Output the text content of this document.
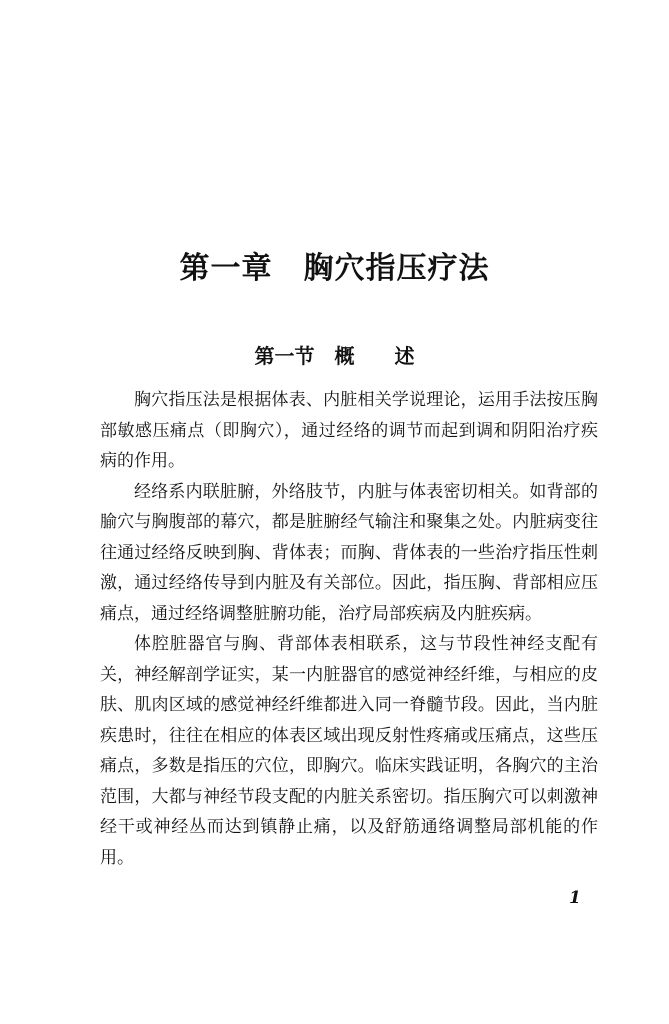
第一章　胸穴指压疗法
第一节　概　　述

胸穴指压法是根据体表、内脏相关学说理论，运用手法按压胸部敏感压痛点（即胸穴），通过经络的调节而起到调和阴阳治疗疾病的作用。

经络系内联脏腑，外络肢节，内脏与体表密切相关。如背部的腧穴与胸腹部的幕穴，都是脏腑经气输注和聚集之处。内脏病变往往通过经络反映到胸、背体表；而胸、背体表的一些治疗指压性刺激，通过经络传导到内脏及有关部位。因此，指压胸、背部相应压痛点，通过经络调整脏腑功能，治疗局部疾病及内脏疾病。

体腔脏器官与胸、背部体表相联系，这与节段性神经支配有关，神经解剖学证实，某一内脏器官的感觉神经纤维，与相应的皮肤、肌肉区域的感觉神经纤维都进入同一脊髓节段。因此，当内脏疾患时，往往在相应的体表区域出现反射性疼痛或压痛点，这些压痛点，多数是指压的穴位，即胸穴。临床实践证明，各胸穴的主治范围，大都与神经节段支配的内脏关系密切。指压胸穴可以刺激神经干或神经丛而达到镇静止痛，以及舒筋通络调整局部机能的作用。

1
